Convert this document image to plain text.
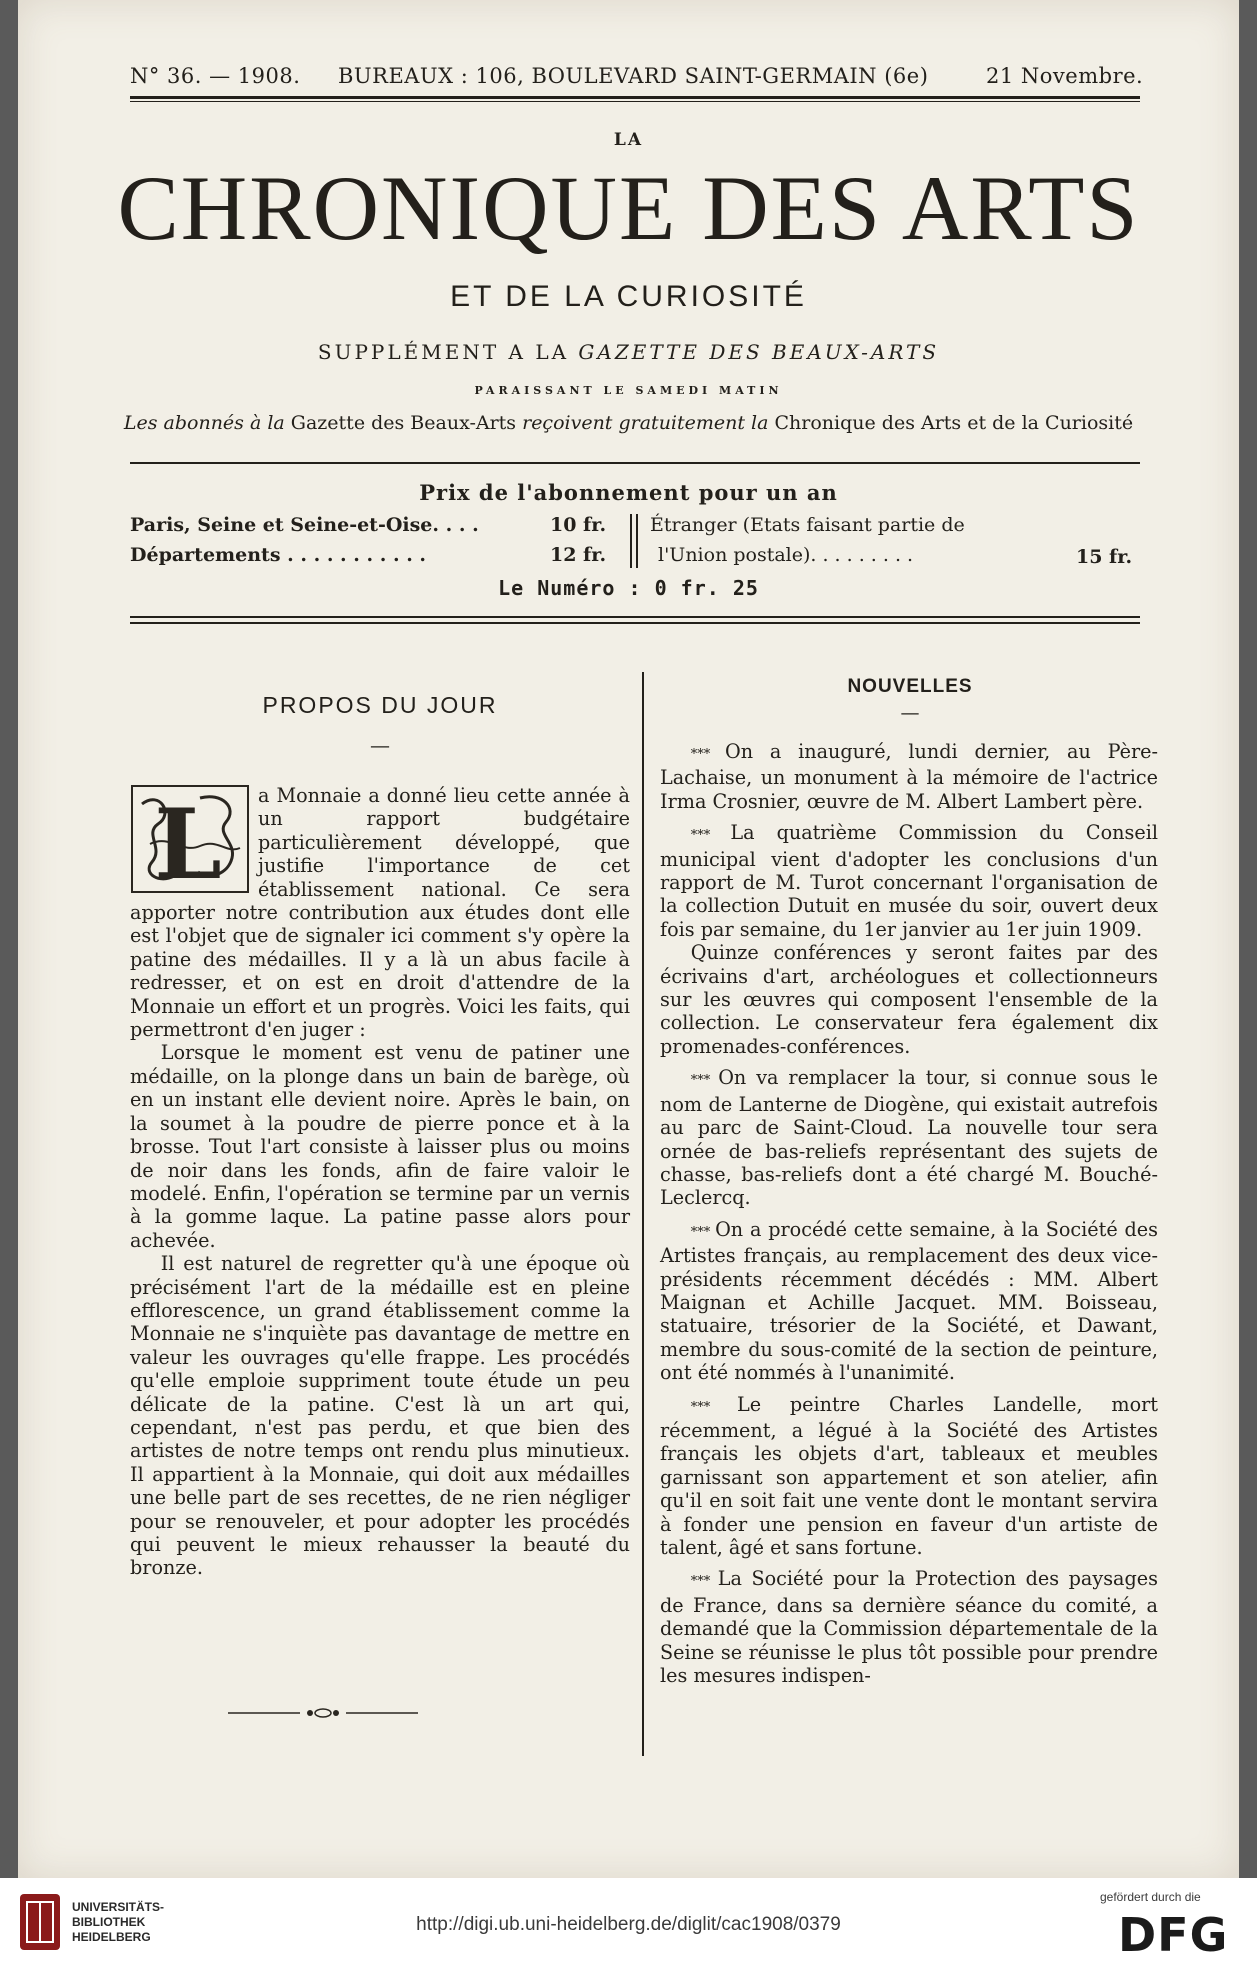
N° 36. — 1908. BUREAUX : 106, BOULEVARD SAINT-GERMAIN (6e)	21 Novembre.
LA
CHRONIQUE DES ARTS
ET DE LA CURIOSITÉ
SUPPLÉMENT A LA GAZETTE DES BEAUX-ARTS
PARAISSANT LE SAMEDI MATIN
Les abonnés à la Gazette des Beaux-Arts reçoivent gratuitement la Chronique des Arts et de la Curiosité
Prix de l'abonnement pour un an
Paris, Seine et Seine-et-Oise. . . .	10 fr.
Départements . . . . . . . . . . .	12 fr.
Étranger (Etats faisant partie de
l'Union postale). . . . . . . . .	15 fr.
Le Numéro : 0 fr. 25
PROPOS DU JOUR
—
L	a Monnaie a donné lieu cette année à un rapport budgétaire particulièrement développé, que justifie l'importance de cet établissement national. Ce sera apporter notre contribution aux études dont elle est l'objet que de signaler ici comment s'y opère la patine des médailles. Il y a là un abus facile à redresser, et on est en droit d'attendre de la Monnaie un effort et un progrès. Voici les faits, qui permettront d'en juger :

Lorsque le moment est venu de patiner une médaille, on la plonge dans un bain de barège, où en un instant elle devient noire. Après le bain, on la soumet à la poudre de pierre ponce et à la brosse. Tout l'art consiste à laisser plus ou moins de noir dans les fonds, afin de faire valoir le modelé. Enfin, l'opération se termine par un vernis à la gomme laque. La patine passe alors pour achevée.

Il est naturel de regretter qu'à une époque où précisément l'art de la médaille est en pleine efflorescence, un grand établissement comme la Monnaie ne s'inquiète pas davantage de mettre en valeur les ouvrages qu'elle frappe. Les procédés qu'elle emploie suppriment toute étude un peu délicate de la patine. C'est là un art qui, cependant, n'est pas perdu, et que bien des artistes de notre temps ont rendu plus minutieux. Il appartient à la Monnaie, qui doit aux médailles une belle part de ses recettes, de ne rien négliger pour se renouveler, et pour adopter les procédés qui peuvent le mieux rehausser la beauté du bronze.

NOUVELLES
—

*** On a inauguré, lundi dernier, au Père-Lachaise, un monument à la mémoire de l'actrice Irma Crosnier, œuvre de M. Albert Lambert père.

*** La quatrième Commission du Conseil municipal vient d'adopter les conclusions d'un rapport de M. Turot concernant l'organisation de la collection Dutuit en musée du soir, ouvert deux fois par semaine, du 1er janvier au 1er juin 1909.

Quinze conférences y seront faites par des écrivains d'art, archéologues et collectionneurs sur les œuvres qui composent l'ensemble de la collection. Le conservateur fera également dix promenades-conférences.

*** On va remplacer la tour, si connue sous le nom de Lanterne de Diogène, qui existait autrefois au parc de Saint-Cloud. La nouvelle tour sera ornée de bas-reliefs représentant des sujets de chasse, bas-reliefs dont a été chargé M. Bouché-Leclercq.

*** On a procédé cette semaine, à la Société des Artistes français, au remplacement des deux vice-présidents récemment décédés : MM. Albert Maignan et Achille Jacquet. MM. Boisseau, statuaire, trésorier de la Société, et Dawant, membre du sous-comité de la section de peinture, ont été nommés à l'unanimité.

*** Le peintre Charles Landelle, mort récemment, a légué à la Société des Artistes français les objets d'art, tableaux et meubles garnissant son appartement et son atelier, afin qu'il en soit fait une vente dont le montant servira à fonder une pension en faveur d'un artiste de talent, âgé et sans fortune.

*** La Société pour la Protection des paysages de France, dans sa dernière séance du comité, a demandé que la Commission départementale de la Seine se réunisse le plus tôt possible pour prendre les mesures indispen-

UNIVERSITÄTS-
BIBLIOTHEK
HEIDELBERG
http://digi.ub.uni-heidelberg.de/diglit/cac1908/0379
gefördert durch die
DFG
